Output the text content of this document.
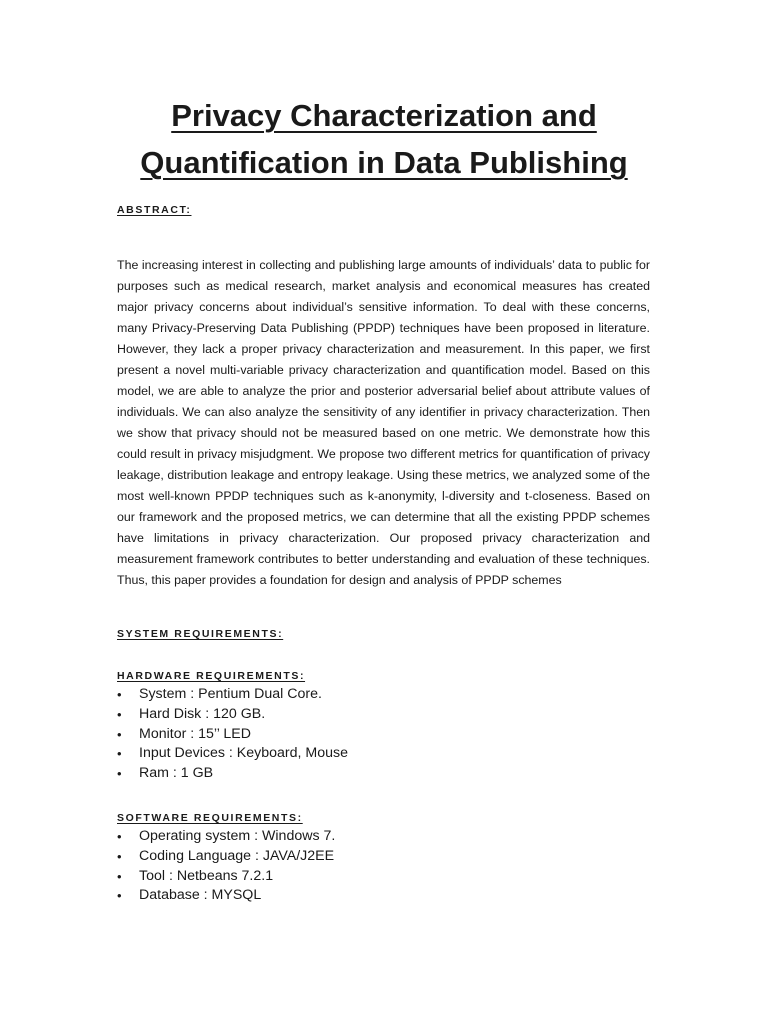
Privacy Characterization and
Quantification in Data Publishing
ABSTRACT:

The increasing interest in collecting and publishing large amounts of individuals’ data to public for purposes such as medical research, market analysis and economical measures has created major privacy concerns about individual’s sensitive information. To deal with these concerns, many Privacy-Preserving Data Publishing (PPDP) techniques have been proposed in literature. However, they lack a proper privacy characterization and measurement. In this paper, we first present a novel multi-variable privacy characterization and quantification model. Based on this model, we are able to analyze the prior and posterior adversarial belief about attribute values of individuals. We can also analyze the sensitivity of any identifier in privacy characterization. Then we show that privacy should not be measured based on one metric. We demonstrate how this could result in privacy misjudgment. We propose two different metrics for quantification of privacy leakage, distribution leakage and entropy leakage. Using these metrics, we analyzed some of the most well-known PPDP techniques such as k-anonymity, l-diversity and t-closeness. Based on our framework and the proposed metrics, we can determine that all the existing PPDP schemes have limitations in privacy characterization. Our proposed privacy characterization and measurement framework contributes to better understanding and evaluation of these techniques. Thus, this paper provides a foundation for design and analysis of PPDP schemes

SYSTEM REQUIREMENTS:
HARDWARE REQUIREMENTS:
• System : Pentium Dual Core.
• Hard Disk : 120 GB.
• Monitor : 15’’ LED
• Input Devices : Keyboard, Mouse
• Ram : 1 GB
SOFTWARE REQUIREMENTS:
• Operating system : Windows 7.
• Coding Language : JAVA/J2EE
• Tool : Netbeans 7.2.1
• Database : MYSQL
